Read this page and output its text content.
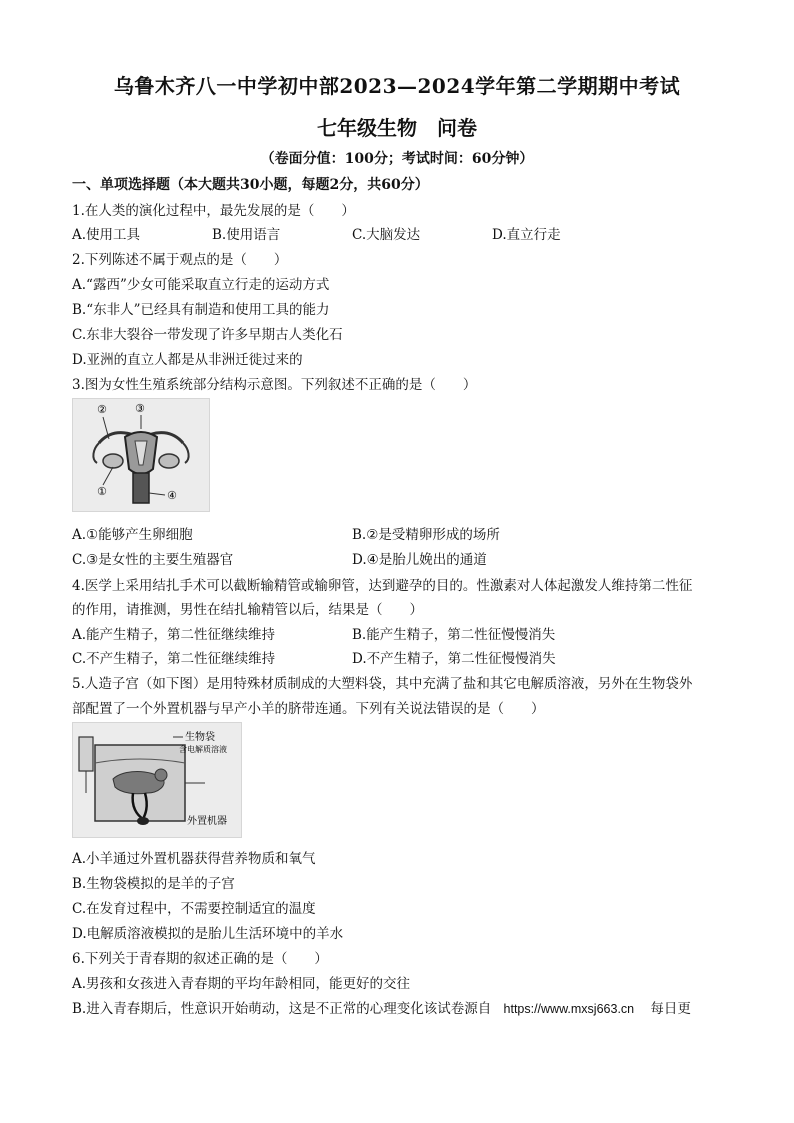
乌鲁木齐八一中学初中部2023—2024学年第二学期期中考试
七年级生物 问卷
（卷面分值：100分；考试时间：60分钟）
一、单项选择题（本大题共30小题，每题2分，共60分）
1.在人类的演化过程中，最先发展的是（　　）
A.使用工具	B.使用语言	C.大脑发达	D.直立行走
2.下列陈述不属于观点的是（　　）
A.“露西”少女可能采取直立行走的运动方式
B.“东非人”已经具有制造和使用工具的能力
C.东非大裂谷一带发现了许多早期古人类化石
D.亚洲的直立人都是从非洲迁徙过来的
3.图为女性生殖系统部分结构示意图。下列叙述不正确的是（　　）
②	③
①	④
A.①能够产生卵细胞	B.②是受精卵形成的场所
C.③是女性的主要生殖器官	D.④是胎儿娩出的通道
4.医学上采用结扎手术可以截断输精管或输卵管，达到避孕的目的。性激素对人体起激发人维持第二性征
的作用，请推测，男性在结扎输精管以后，结果是（　　）
A.能产生精子，第二性征继续维持	B.能产生精子，第二性征慢慢消失
C.不产生精子，第二性征继续维持	D.不产生精子，第二性征慢慢消失
5.人造子宫（如下图）是用特殊材质制成的大塑料袋，其中充满了盐和其它电解质溶液，另外在生物袋外
部配置了一个外置机器与早产小羊的脐带连通。下列有关说法错误的是（　　）
生物袋
含电解质溶液
外置机器
A.小羊通过外置机器获得营养物质和氧气
B.生物袋模拟的是羊的子宫
C.在发育过程中，不需要控制适宜的温度
D.电解质溶液模拟的是胎儿生活环境中的羊水
6.下列关于青春期的叙述正确的是（　　）
A.男孩和女孩进入青春期的平均年龄相同，能更好的交往
B.进入青春期后，性意识开始萌动，这是不正常的心理变化该试卷源自 https://www.mxsj663.cn 每日更
